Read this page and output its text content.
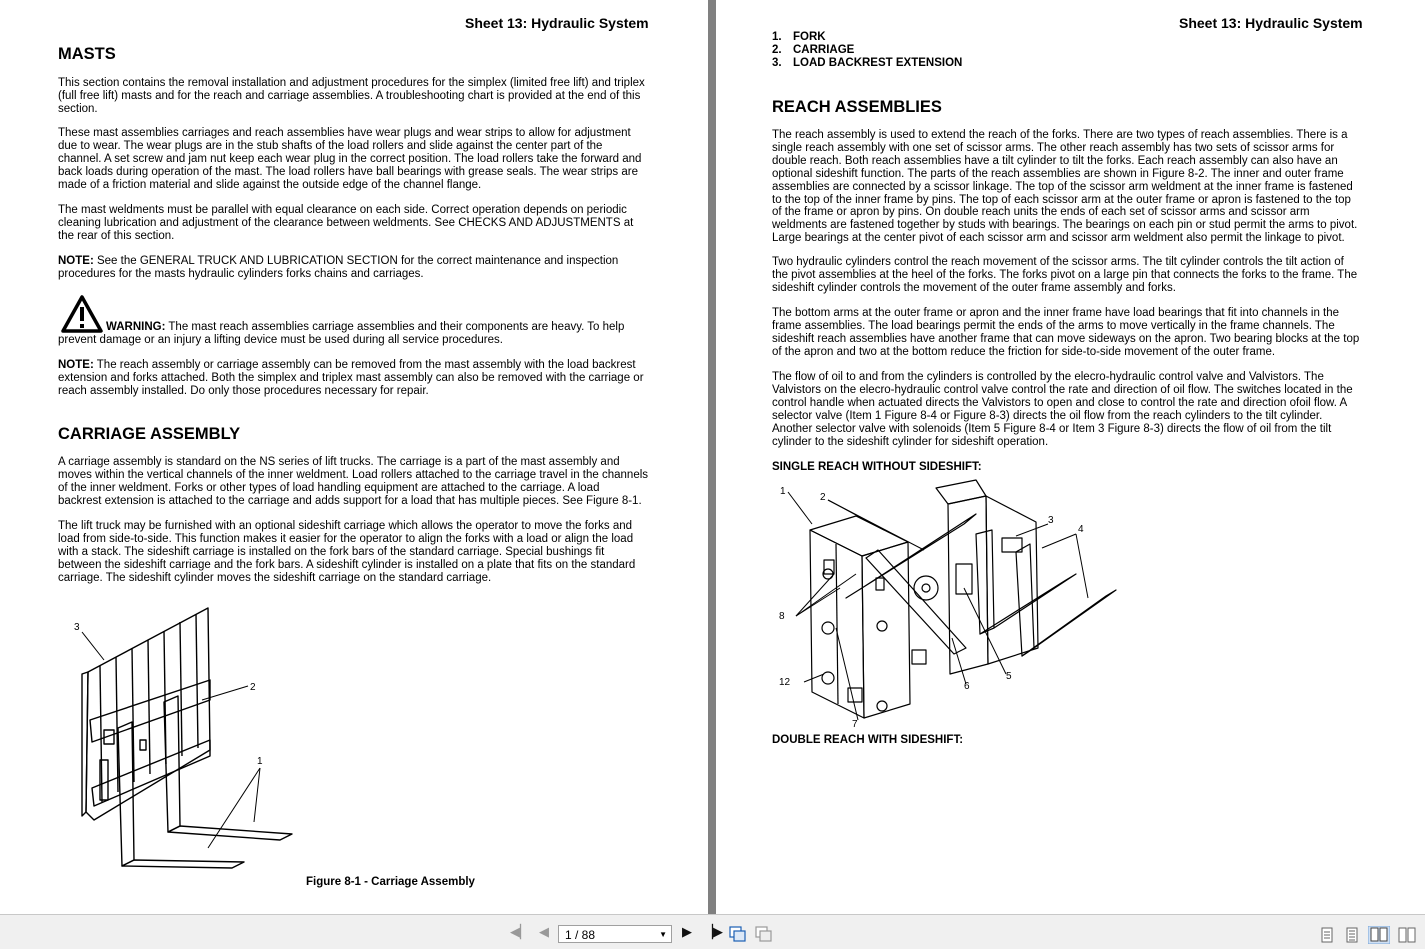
Sheet 13: Hydraulic System
MASTS

This section contains the removal installation and adjustment procedures for the simplex (limited free lift) and triplex
(full free lift) masts and for the reach and carriage assemblies. A troubleshooting chart is provided at the end of this
section.

These mast assemblies carriages and reach assemblies have wear plugs and wear strips to allow for adjustment
due to wear. The wear plugs are in the stub shafts of the load rollers and slide against the center part of the
channel. A set screw and jam nut keep each wear plug in the correct position. The load rollers take the forward and
back loads during operation of the mast. The load rollers have ball bearings with grease seals. The wear strips are
made of a friction material and slide against the outside edge of the channel flange.

The mast weldments must be parallel with equal clearance on each side. Correct operation depends on periodic
cleaning lubrication and adjustment of the clearance between weldments. See CHECKS AND ADJUSTMENTS at
the rear of this section.

NOTE: See the GENERAL TRUCK AND LUBRICATION SECTION for the correct maintenance and inspection
procedures for the masts hydraulic cylinders forks chains and carriages.

WARNING: The mast reach assemblies carriage assemblies and their components are heavy. To help

prevent damage or an injury a lifting device must be used during all service procedures.

NOTE: The reach assembly or carriage assembly can be removed from the mast assembly with the load backrest
extension and forks attached. Both the simplex and triplex mast assembly can also be removed with the carriage or
reach assembly installed. Do only those procedures necessary for repair.

CARRIAGE ASSEMBLY

A carriage assembly is standard on the NS series of lift trucks. The carriage is a part of the mast assembly and
moves within the vertical channels of the inner weldment. Load rollers attached to the carriage travel in the channels
of the inner weldment. Forks or other types of load handling equipment are attached to the carriage. A load
backrest extension is attached to the carriage and adds support for a load that has multiple pieces. See Figure 8-1.

The lift truck may be furnished with an optional sideshift carriage which allows the operator to move the forks and
load from side-to-side. This function makes it easier for the operator to align the forks with a load or align the load
with a stack. The sideshift carriage is installed on the fork bars of the standard carriage. Special bushings fit
between the sideshift carriage and the fork bars. A sideshift cylinder is installed on a plate that fits on the standard
carriage. The sideshift cylinder moves the sideshift carriage on the standard carriage.

3
2
1
Figure 8-1 - Carriage Assembly
Sheet 13: Hydraulic System
1. FORK
2. CARRIAGE
3. LOAD BACKREST EXTENSION
REACH ASSEMBLIES

The reach assembly is used to extend the reach of the forks. There are two types of reach assemblies. There is a
single reach assembly with one set of scissor arms. The other reach assembly has two sets of scissor arms for
double reach. Both reach assemblies have a tilt cylinder to tilt the forks. Each reach assembly can also have an
optional sideshift function. The parts of the reach assemblies are shown in Figure 8-2. The inner and outer frame
assemblies are connected by a scissor linkage. The top of the scissor arm weldment at the inner frame is fastened
to the top of the inner frame by pins. The top of each scissor arm at the outer frame or apron is fastened to the top
of the frame or apron by pins. On double reach units the ends of each set of scissor arms and scissor arm
weldments are fastened together by studs with bearings. The bearings on each pin or stud permit the arms to pivot.
Large bearings at the center pivot of each scissor arm and scissor arm weldment also permit the linkage to pivot.

Two hydraulic cylinders control the reach movement of the scissor arms. The tilt cylinder controls the tilt action of
the pivot assemblies at the heel of the forks. The forks pivot on a large pin that connects the forks to the frame. The
sideshift cylinder controls the movement of the outer frame assembly and forks.

The bottom arms at the outer frame or apron and the inner frame have load bearings that fit into channels in the
frame assemblies. The load bearings permit the ends of the arms to move vertically in the frame channels. The
sideshift reach assemblies have another frame that can move sideways on the apron. Two bearing blocks at the top
of the apron and two at the bottom reduce the friction for side-to-side movement of the outer frame.

The flow of oil to and from the cylinders is controlled by the elecro-hydraulic control valve and Valvistors. The
Valvistors on the elecro-hydraulic control valve control the rate and direction of oil flow. The switches located in the
control handle when actuated directs the Valvistors to open and close to control the rate and direction ofoil flow. A
selector valve (Item 1 Figure 8-4 or Figure 8-3) directs the oil flow from the reach cylinders to the tilt cylinder.
Another selector valve with solenoids (Item 5 Figure 8-4 or Item 3 Figure 8-3) directs the flow of oil from the tilt
cylinder to the sideshift cylinder for sideshift operation.

SINGLE REACH WITHOUT SIDESHIFT:
1
2
3
4
8
12
7
6
5
DOUBLE REACH WITH SIDESHIFT:
◀▏ ◀	1 / 88	▼ ▶ ▕▶
